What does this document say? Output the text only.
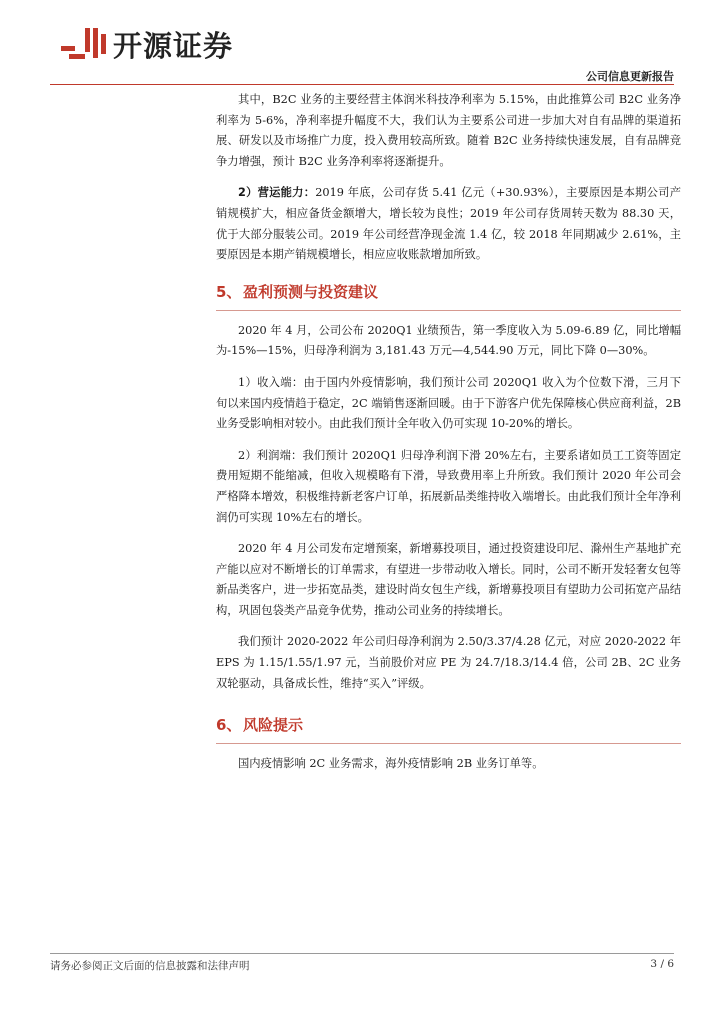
开源证券
公司信息更新报告

其中，B2C 业务的主要经营主体润米科技净利率为 5.15%，由此推算公司 B2C 业务净利率为 5-6%，净利率提升幅度不大，我们认为主要系公司进一步加大对自有品牌的渠道拓展、研发以及市场推广力度，投入费用较高所致。随着 B2C 业务持续快速发展，自有品牌竞争力增强，预计 B2C 业务净利率将逐渐提升。

2）营运能力：2019 年底，公司存货 5.41 亿元（+30.93%），主要原因是本期公司产销规模扩大，相应备货金额增大，增长较为良性；2019 年公司存货周转天数为 88.30 天，优于大部分服装公司。2019 年公司经营净现金流 1.4 亿，较 2018 年同期减少 2.61%，主要原因是本期产销规模增长，相应应收账款增加所致。

5、 盈利预测与投资建议

2020 年 4 月，公司公布 2020Q1 业绩预告，第一季度收入为 5.09-6.89 亿，同比增幅为-15%—15%，归母净利润为 3,181.43 万元—4,544.90 万元，同比下降 0—30%。

1）收入端：由于国内外疫情影响，我们预计公司 2020Q1 收入为个位数下滑，三月下旬以来国内疫情趋于稳定，2C 端销售逐渐回暖。由于下游客户优先保障核心供应商利益，2B 业务受影响相对较小。由此我们预计全年收入仍可实现 10-20%的增长。

2）利润端：我们预计 2020Q1 归母净利润下滑 20%左右，主要系诸如员工工资等固定费用短期不能缩减，但收入规模略有下滑，导致费用率上升所致。我们预计 2020 年公司会严格降本增效，积极维持新老客户订单，拓展新品类维持收入端增长。由此我们预计全年净利润仍可实现 10%左右的增长。

2020 年 4 月公司发布定增预案，新增募投项目，通过投资建设印尼、滁州生产基地扩充产能以应对不断增长的订单需求，有望进一步带动收入增长。同时，公司不断开发轻奢女包等新品类客户，进一步拓宽品类，建设时尚女包生产线，新增募投项目有望助力公司拓宽产品结构，巩固包袋类产品竞争优势，推动公司业务的持续增长。

我们预计 2020-2022 年公司归母净利润为 2.50/3.37/4.28 亿元，对应 2020-2022 年 EPS 为 1.15/1.55/1.97 元，当前股价对应 PE 为 24.7/18.3/14.4 倍，公司 2B、2C 业务双轮驱动，具备成长性，维持“买入”评级。

6、 风险提示

国内疫情影响 2C 业务需求，海外疫情影响 2B 业务订单等。

请务必参阅正文后面的信息披露和法律声明	3 / 6
